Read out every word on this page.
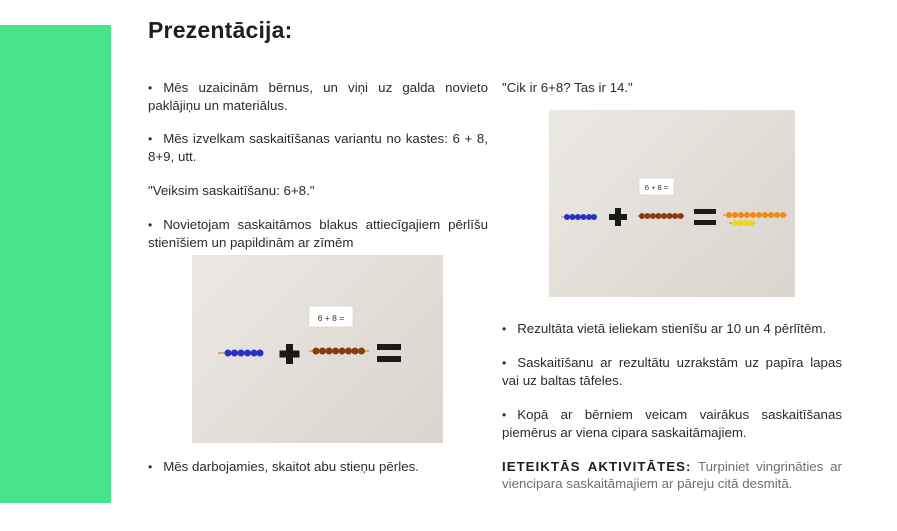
Prezentācija:

• Mēs uzaicinām bērnus, un viņi uz galda novieto paklājiņu un materiālus.

• Mēs izvelkam saskaitīšanas variantu no kastes: 6 + 8, 8+9, utt.

"Veiksim saskaitīšanu: 6+8."

• Novietojam saskaitāmos blakus attiecīgajiem pērlīšu stienīšiem un papildinām ar zīmēm

6 + 8 =

• Mēs darbojamies, skaitot abu stieņu pērles.

"Cik ir 6+8? Tas ir 14."

6 + 8 =

• Rezultāta vietā ieliekam stienīšu ar 10 un 4 pērlītēm.

• Saskaitīšanu ar rezultātu uzrakstām uz papīra lapas vai uz baltas tāfeles.

• Kopā ar bērniem veicam vairākus saskaitīšanas piemērus ar viena cipara saskaitāmajiem.

IETEIKTĀS AKTIVITĀTES: Turpiniet vingrināties ar viencipara saskaitāmajiem ar pāreju citā desmitā.
